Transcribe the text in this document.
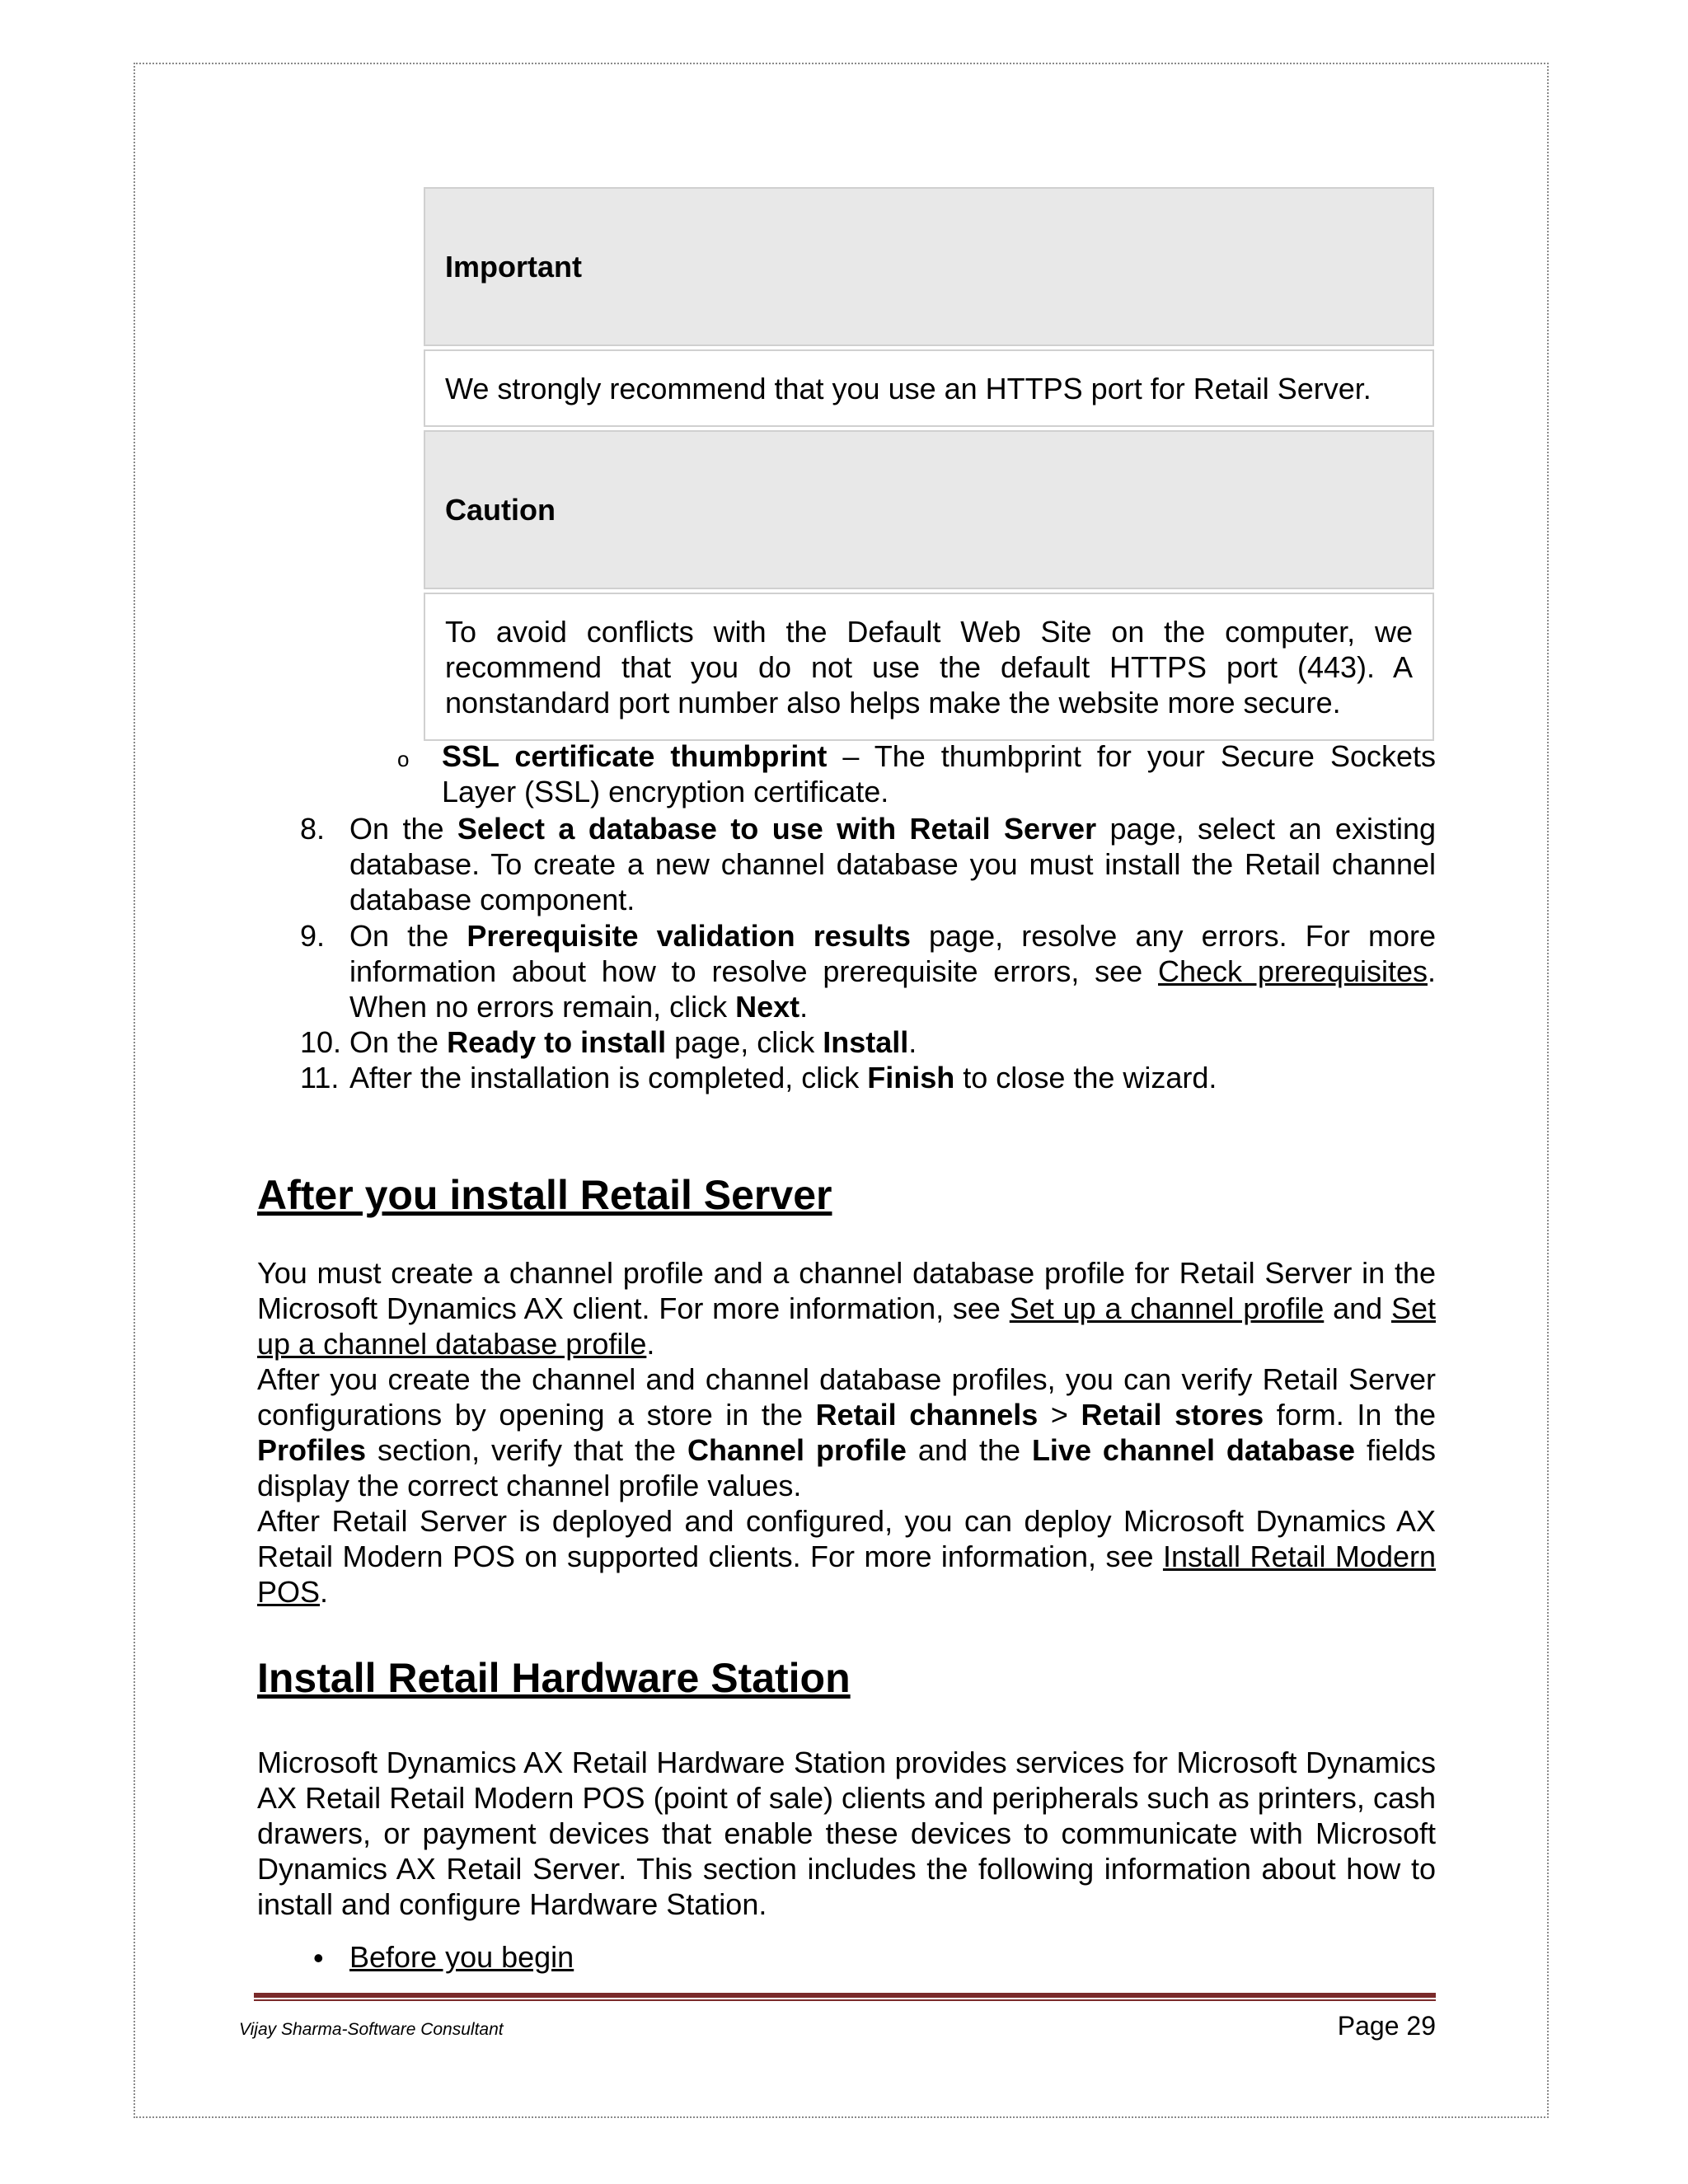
Important
We strongly recommend that you use an HTTPS port for Retail Server.
Caution
To avoid conflicts with the Default Web Site on the computer, we recommend that you do not use the default HTTPS port (443). A nonstandard port number also helps make the website more secure.
o SSL certificate thumbprint – The thumbprint for your Secure Sockets Layer (SSL) encryption certificate.
8. On the Select a database to use with Retail Server page, select an existing database. To create a new channel database you must install the Retail channel database component.
9. On the Prerequisite validation results page, resolve any errors. For more information about how to resolve prerequisite errors, see Check prerequisites. When no errors remain, click Next.
10. On the Ready to install page, click Install.
11. After the installation is completed, click Finish to close the wizard.
After you install Retail Server
You must create a channel profile and a channel database profile for Retail Server in the Microsoft Dynamics AX client. For more information, see Set up a channel profile and Set up a channel database profile.
After you create the channel and channel database profiles, you can verify Retail Server configurations by opening a store in the Retail channels > Retail stores form. In the Profiles section, verify that the Channel profile and the Live channel database fields display the correct channel profile values.
After Retail Server is deployed and configured, you can deploy Microsoft Dynamics AX Retail Modern POS on supported clients. For more information, see Install Retail Modern POS.
Install Retail Hardware Station
Microsoft Dynamics AX Retail Hardware Station provides services for Microsoft Dynamics AX Retail Retail Modern POS (point of sale) clients and peripherals such as printers, cash drawers, or payment devices that enable these devices to communicate with Microsoft Dynamics AX Retail Server. This section includes the following information about how to install and configure Hardware Station.
• Before you begin
Vijay Sharma-Software Consultant	Page 29
